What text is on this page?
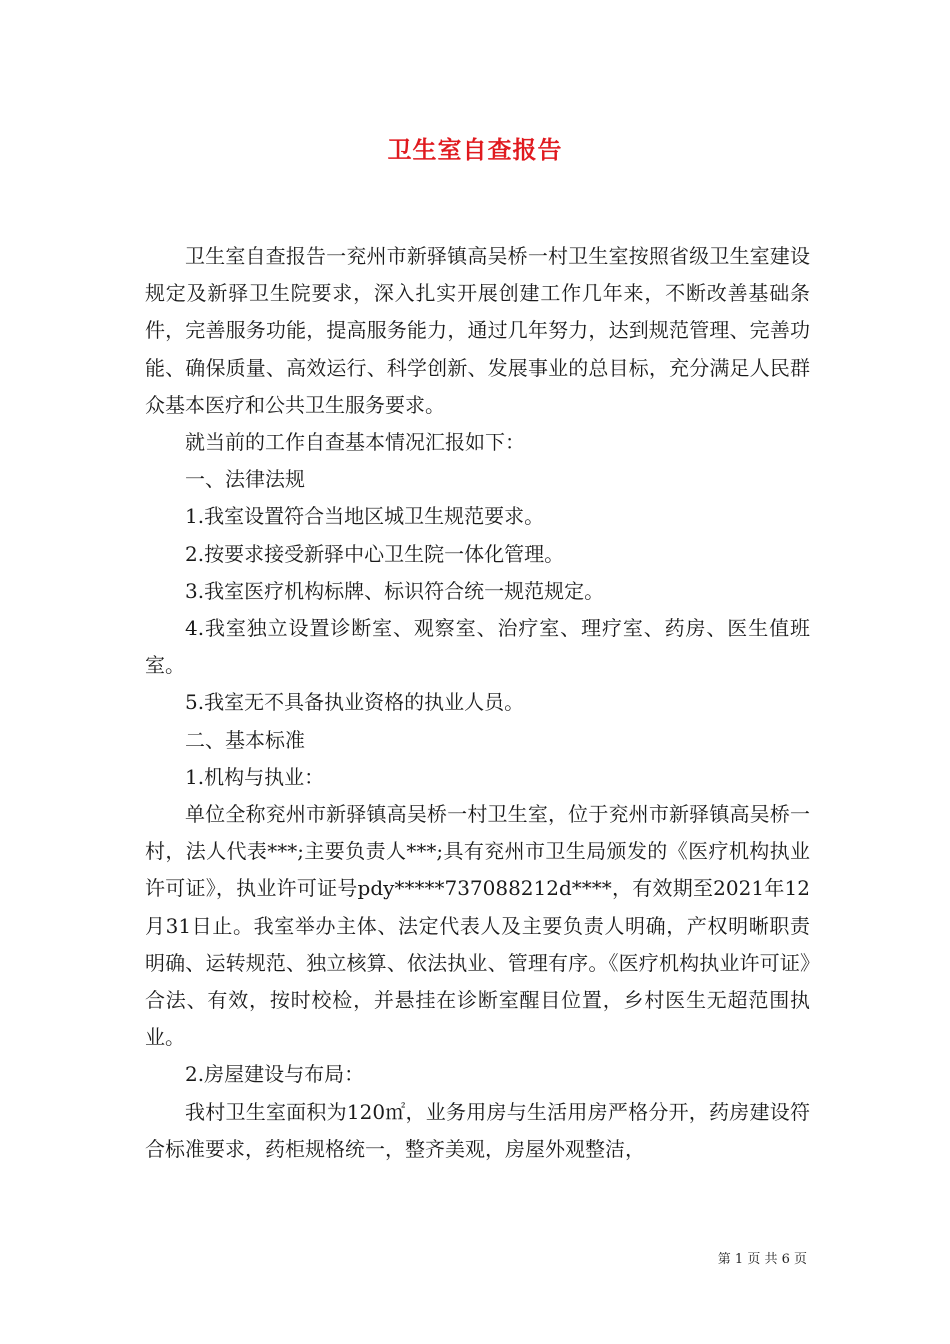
卫生室自查报告

卫生室自查报告一兖州市新驿镇高吴桥一村卫生室按照省级卫生室建设规定及新驿卫生院要求，深入扎实开展创建工作几年来，不断改善基础条件，完善服务功能，提高服务能力，通过几年努力，达到规范管理、完善功能、确保质量、高效运行、科学创新、发展事业的总目标，充分满足人民群众基本医疗和公共卫生服务要求。

就当前的工作自查基本情况汇报如下：

一、法律法规

1.我室设置符合当地区城卫生规范要求。

2.按要求接受新驿中心卫生院一体化管理。

3.我室医疗机构标牌、标识符合统一规范规定。

4.我室独立设置诊断室、观察室、治疗室、理疗室、药房、医生值班室。

5.我室无不具备执业资格的执业人员。

二、基本标准

1.机构与执业：

单位全称兖州市新驿镇高吴桥一村卫生室，位于兖州市新驿镇高吴桥一村，法人代表***;主要负责人***;具有兖州市卫生局颁发的《医疗机构执业许可证》，执业许可证号pdy*****737088212d****，有效期至2021年12月31日止。我室举办主体、法定代表人及主要负责人明确，产权明晰职责明确、运转规范、独立核算、依法执业、管理有序。《医疗机构执业许可证》合法、有效，按时校检，并悬挂在诊断室醒目位置，乡村医生无超范围执业。

2.房屋建设与布局：

我村卫生室面积为120㎡，业务用房与生活用房严格分开，药房建设符合标准要求，药柜规格统一，整齐美观，房屋外观整洁，

第 1 页 共 6 页
